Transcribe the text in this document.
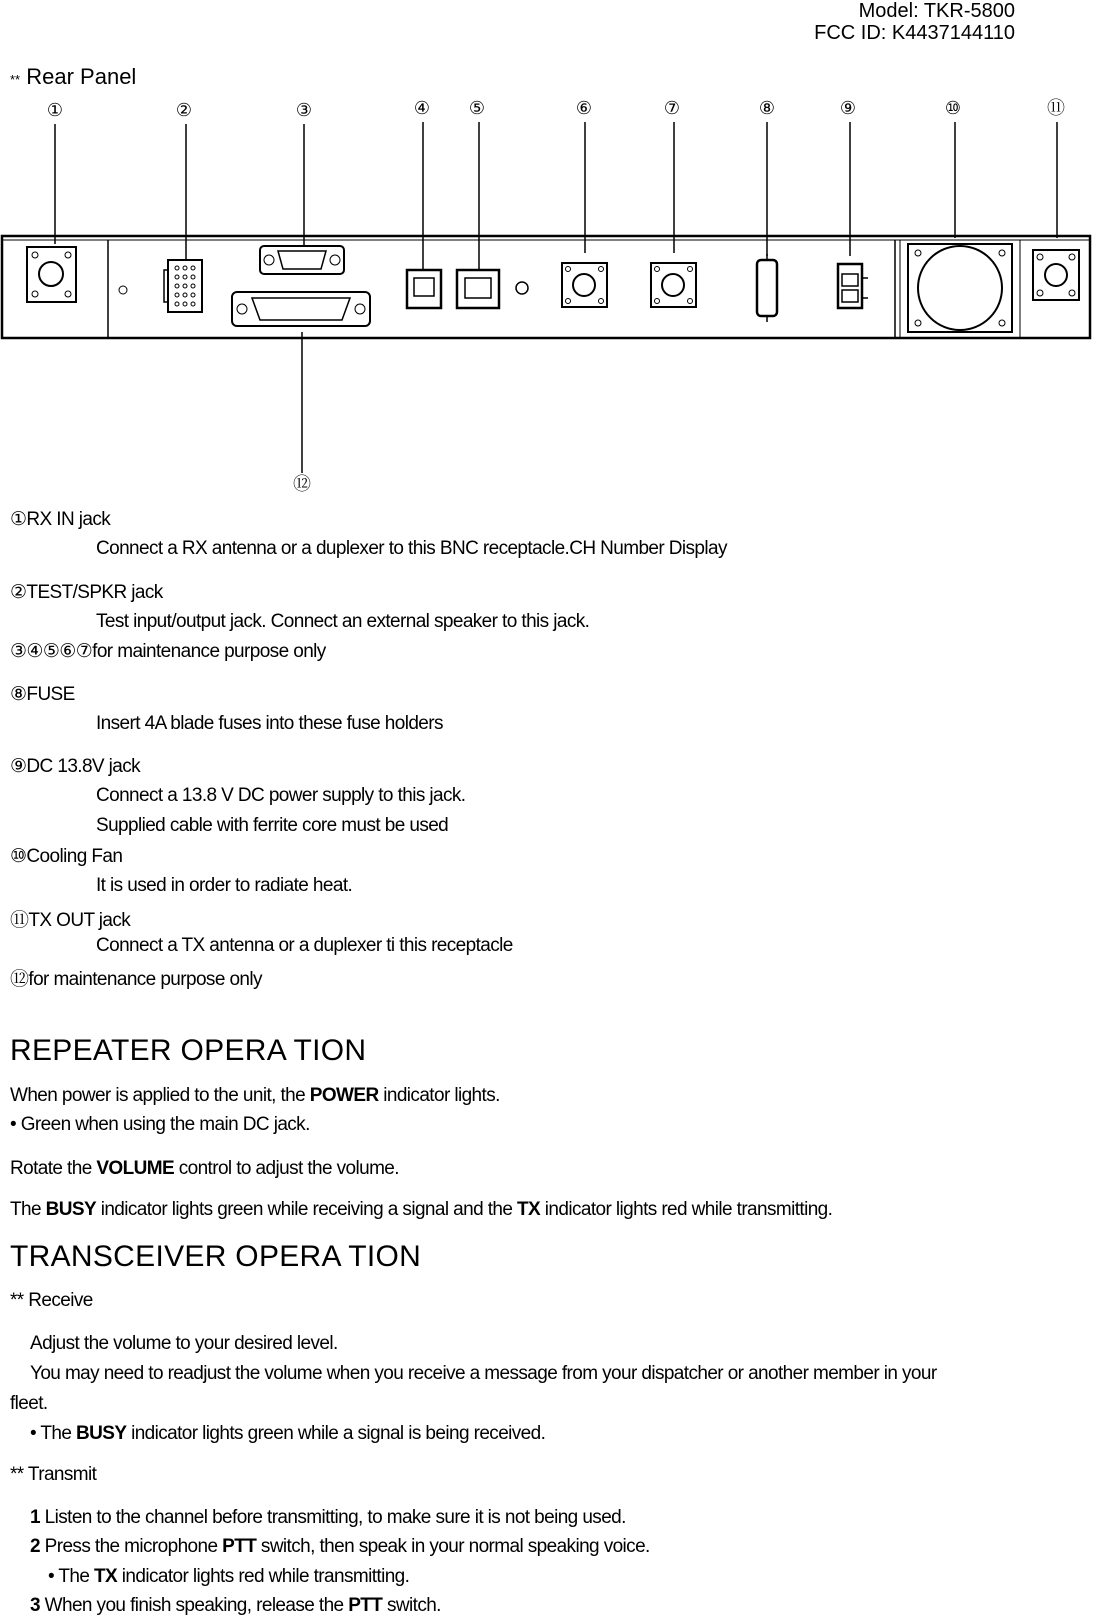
Model: TKR-5800
FCC ID: K4437144110
** Rear Panel
①	②	③	④ ⑤	⑥	⑦	⑧	⑨	⑩	⑪
⑫
①RX IN jack
Connect a RX antenna or a duplexer to this BNC receptacle.CH Number Display
②TEST/SPKR jack
Test input/output jack. Connect an external speaker to this jack.
③④⑤⑥⑦for maintenance purpose only
⑧FUSE
Insert 4A blade fuses into these fuse holders
⑨DC 13.8V jack
Connect a 13.8 V DC power supply to this jack.
Supplied cable with ferrite core must be used
⑩Cooling Fan
It is used in order to radiate heat.
⑪TX OUT jack
Connect a TX antenna or a duplexer ti this receptacle
⑫for maintenance purpose only
REPEATER OPERA TION
When power is applied to the unit, the POWER indicator lights.
• Green when using the main DC jack.
Rotate the VOLUME control to adjust the volume.
The BUSY indicator lights green while receiving a signal and the TX indicator lights red while transmitting.
TRANSCEIVER OPERA TION
** Receive
Adjust the volume to your desired level.
You may need to readjust the volume when you receive a message from your dispatcher or another member in your
fleet.
• The BUSY indicator lights green while a signal is being received.
** Transmit
1 Listen to the channel before transmitting, to make sure it is not being used.
2 Press the microphone PTT switch, then speak in your normal speaking voice.
• The TX indicator lights red while transmitting.
3 When you finish speaking, release the PTT switch.
